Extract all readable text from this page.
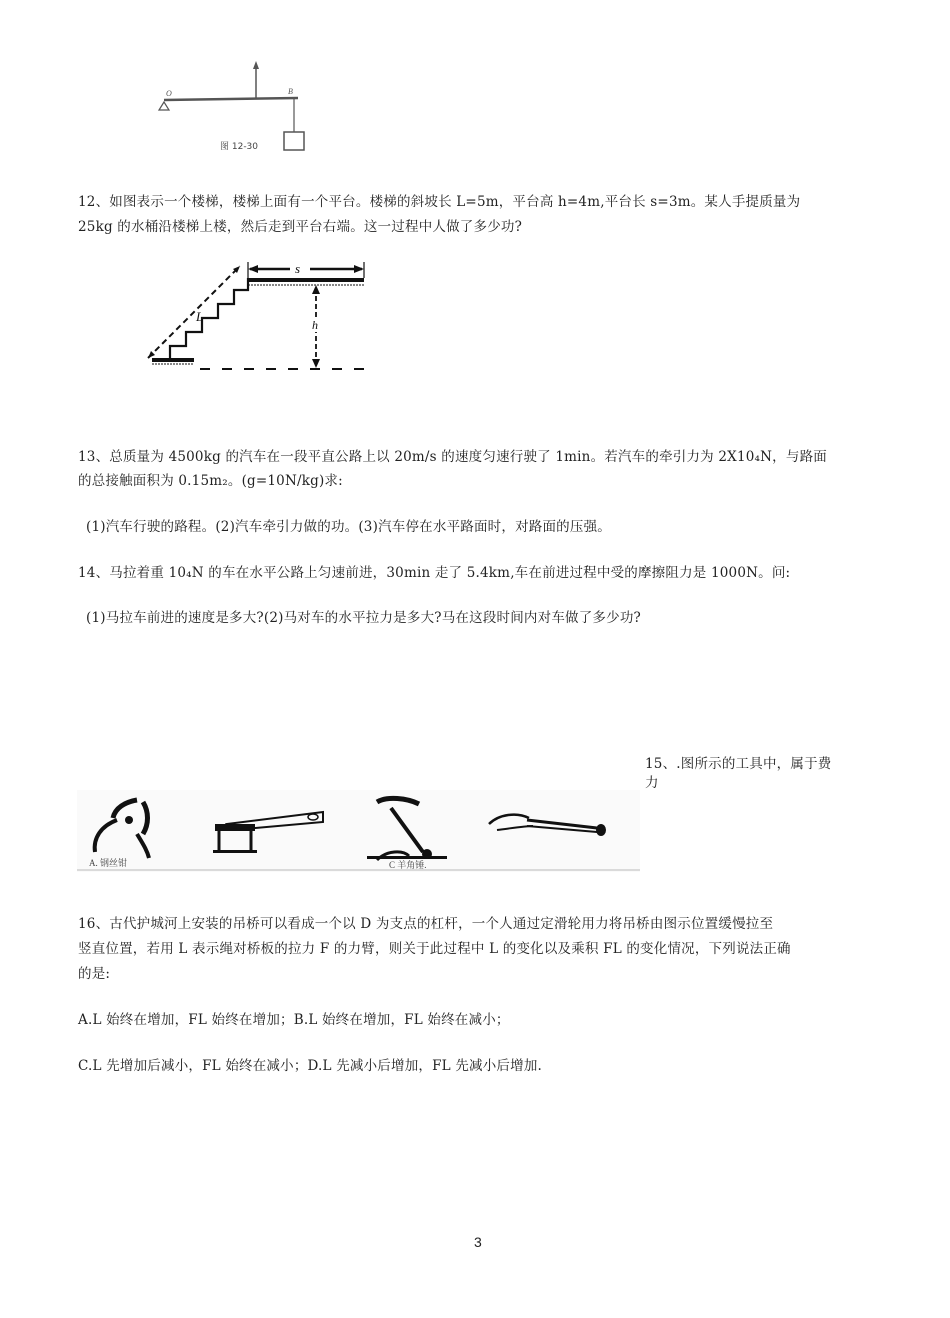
O	B
图 12-30
12、如图表示一个楼梯，楼梯上面有一个平台。楼梯的斜坡长 L=5m，平台高 h=4m,平台长 s=3m。某人手提质量为
25kg 的水桶沿楼梯上楼，然后走到平台右端。这一过程中人做了多少功?
s
L
h
13、总质量为 4500kg 的汽车在一段平直公路上以 20m/s 的速度匀速行驶了 1min。若汽车的牵引力为 2X10₄N，与路面
的总接触面积为 0.15m₂。(g=10N/kg)求:
(1)汽车行驶的路程。(2)汽车牵引力做的功。(3)汽车停在水平路面时，对路面的压强。
14、马拉着重 10₄N 的车在水平公路上匀速前进，30min 走了 5.4km,车在前进过程中受的摩擦阻力是 1000N。问:
(1)马拉车前进的速度是多大?(2)马对车的水平拉力是多大?马在这段时间内对车做了多少功?
15、.图所示的工具中，属于费
力
A. 钢丝钳	C 羊角锤.
16、古代护城河上安装的吊桥可以看成一个以 D 为支点的杠杆，一个人通过定滑轮用力将吊桥由图示位置缓慢拉至
竖直位置，若用 L 表示绳对桥板的拉力 F 的力臂，则关于此过程中 L 的变化以及乘积 FL 的变化情况，下列说法正确
的是:
A.L 始终在增加，FL 始终在增加；B.L 始终在增加，FL 始终在减小；
C.L 先增加后减小，FL 始终在减小；D.L 先减小后增加，FL 先减小后增加.
3
